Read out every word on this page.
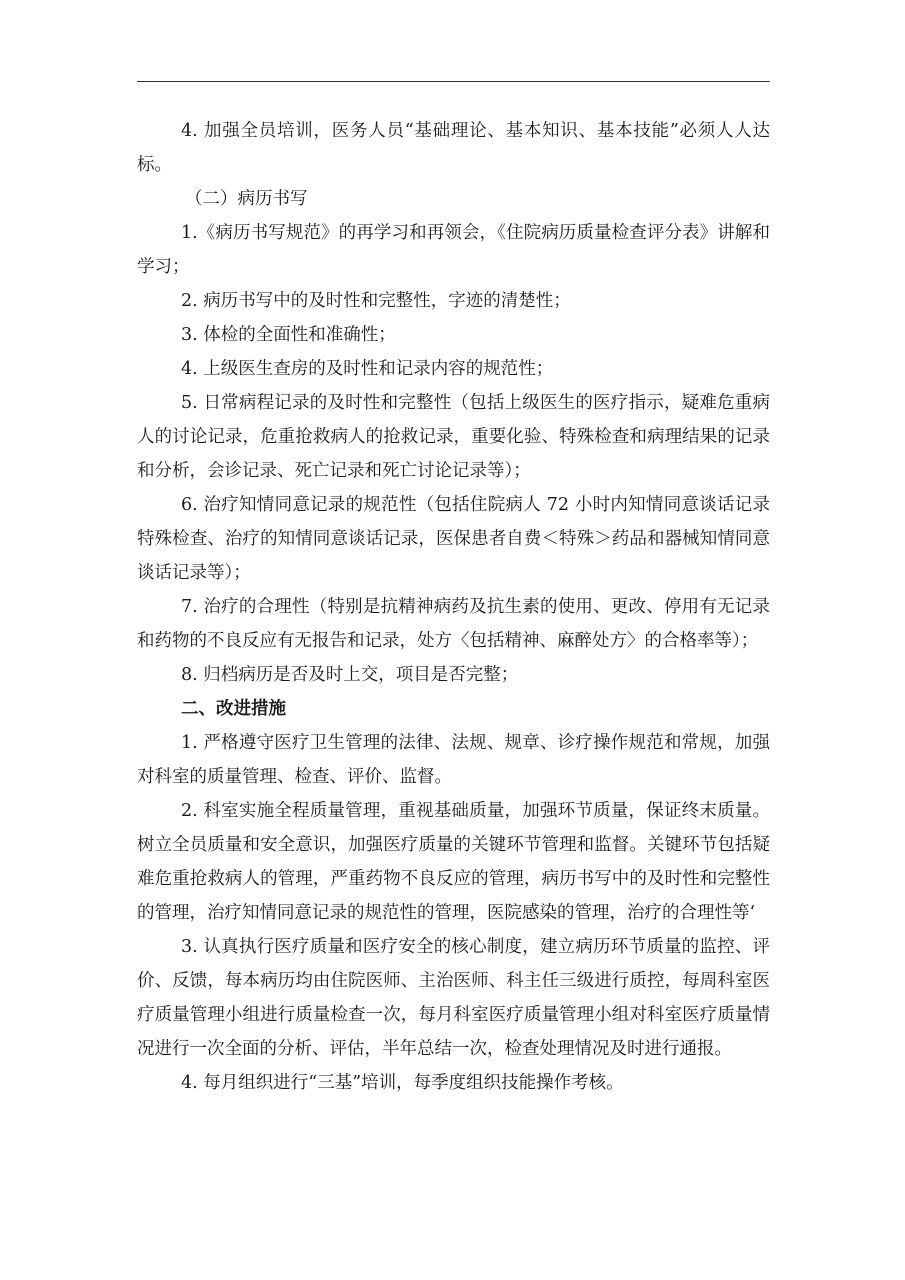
4. 加强全员培训，医务人员“基础理论、基本知识、基本技能”必须人人达标。

（二）病历书写

1.《病历书写规范》的再学习和再领会，《住院病历质量检查评分表》讲解和学习；

2. 病历书写中的及时性和完整性，字迹的清楚性；

3. 体检的全面性和准确性；

4. 上级医生查房的及时性和记录内容的规范性；

5. 日常病程记录的及时性和完整性（包括上级医生的医疗指示，疑难危重病人的讨论记录，危重抢救病人的抢救记录，重要化验、特殊检查和病理结果的记录和分析，会诊记录、死亡记录和死亡讨论记录等）；

6. 治疗知情同意记录的规范性（包括住院病人 72 小时内知情同意谈话记录特殊检查、治疗的知情同意谈话记录，医保患者自费＜特殊＞药品和器械知情同意谈话记录等）；

7. 治疗的合理性（特别是抗精神病药及抗生素的使用、更改、停用有无记录和药物的不良反应有无报告和记录，处方〈包括精神、麻醉处方〉的合格率等）；

8. 归档病历是否及时上交，项目是否完整；

二、改进措施

1. 严格遵守医疗卫生管理的法律、法规、规章、诊疗操作规范和常规，加强对科室的质量管理、检查、评价、监督。

2. 科室实施全程质量管理，重视基础质量，加强环节质量，保证终末质量。树立全员质量和安全意识，加强医疗质量的关键环节管理和监督。关键环节包括疑难危重抢救病人的管理，严重药物不良反应的管理，病历书写中的及时性和完整性的管理，治疗知情同意记录的规范性的管理，医院感染的管理，治疗的合理性等‘

3. 认真执行医疗质量和医疗安全的核心制度，建立病历环节质量的监控、评价、反馈，每本病历均由住院医师、主治医师、科主任三级进行质控，每周科室医疗质量管理小组进行质量检查一次，每月科室医疗质量管理小组对科室医疗质量情况进行一次全面的分析、评估，半年总结一次，检查处理情况及时进行通报。

4. 每月组织进行“三基”培训，每季度组织技能操作考核。
